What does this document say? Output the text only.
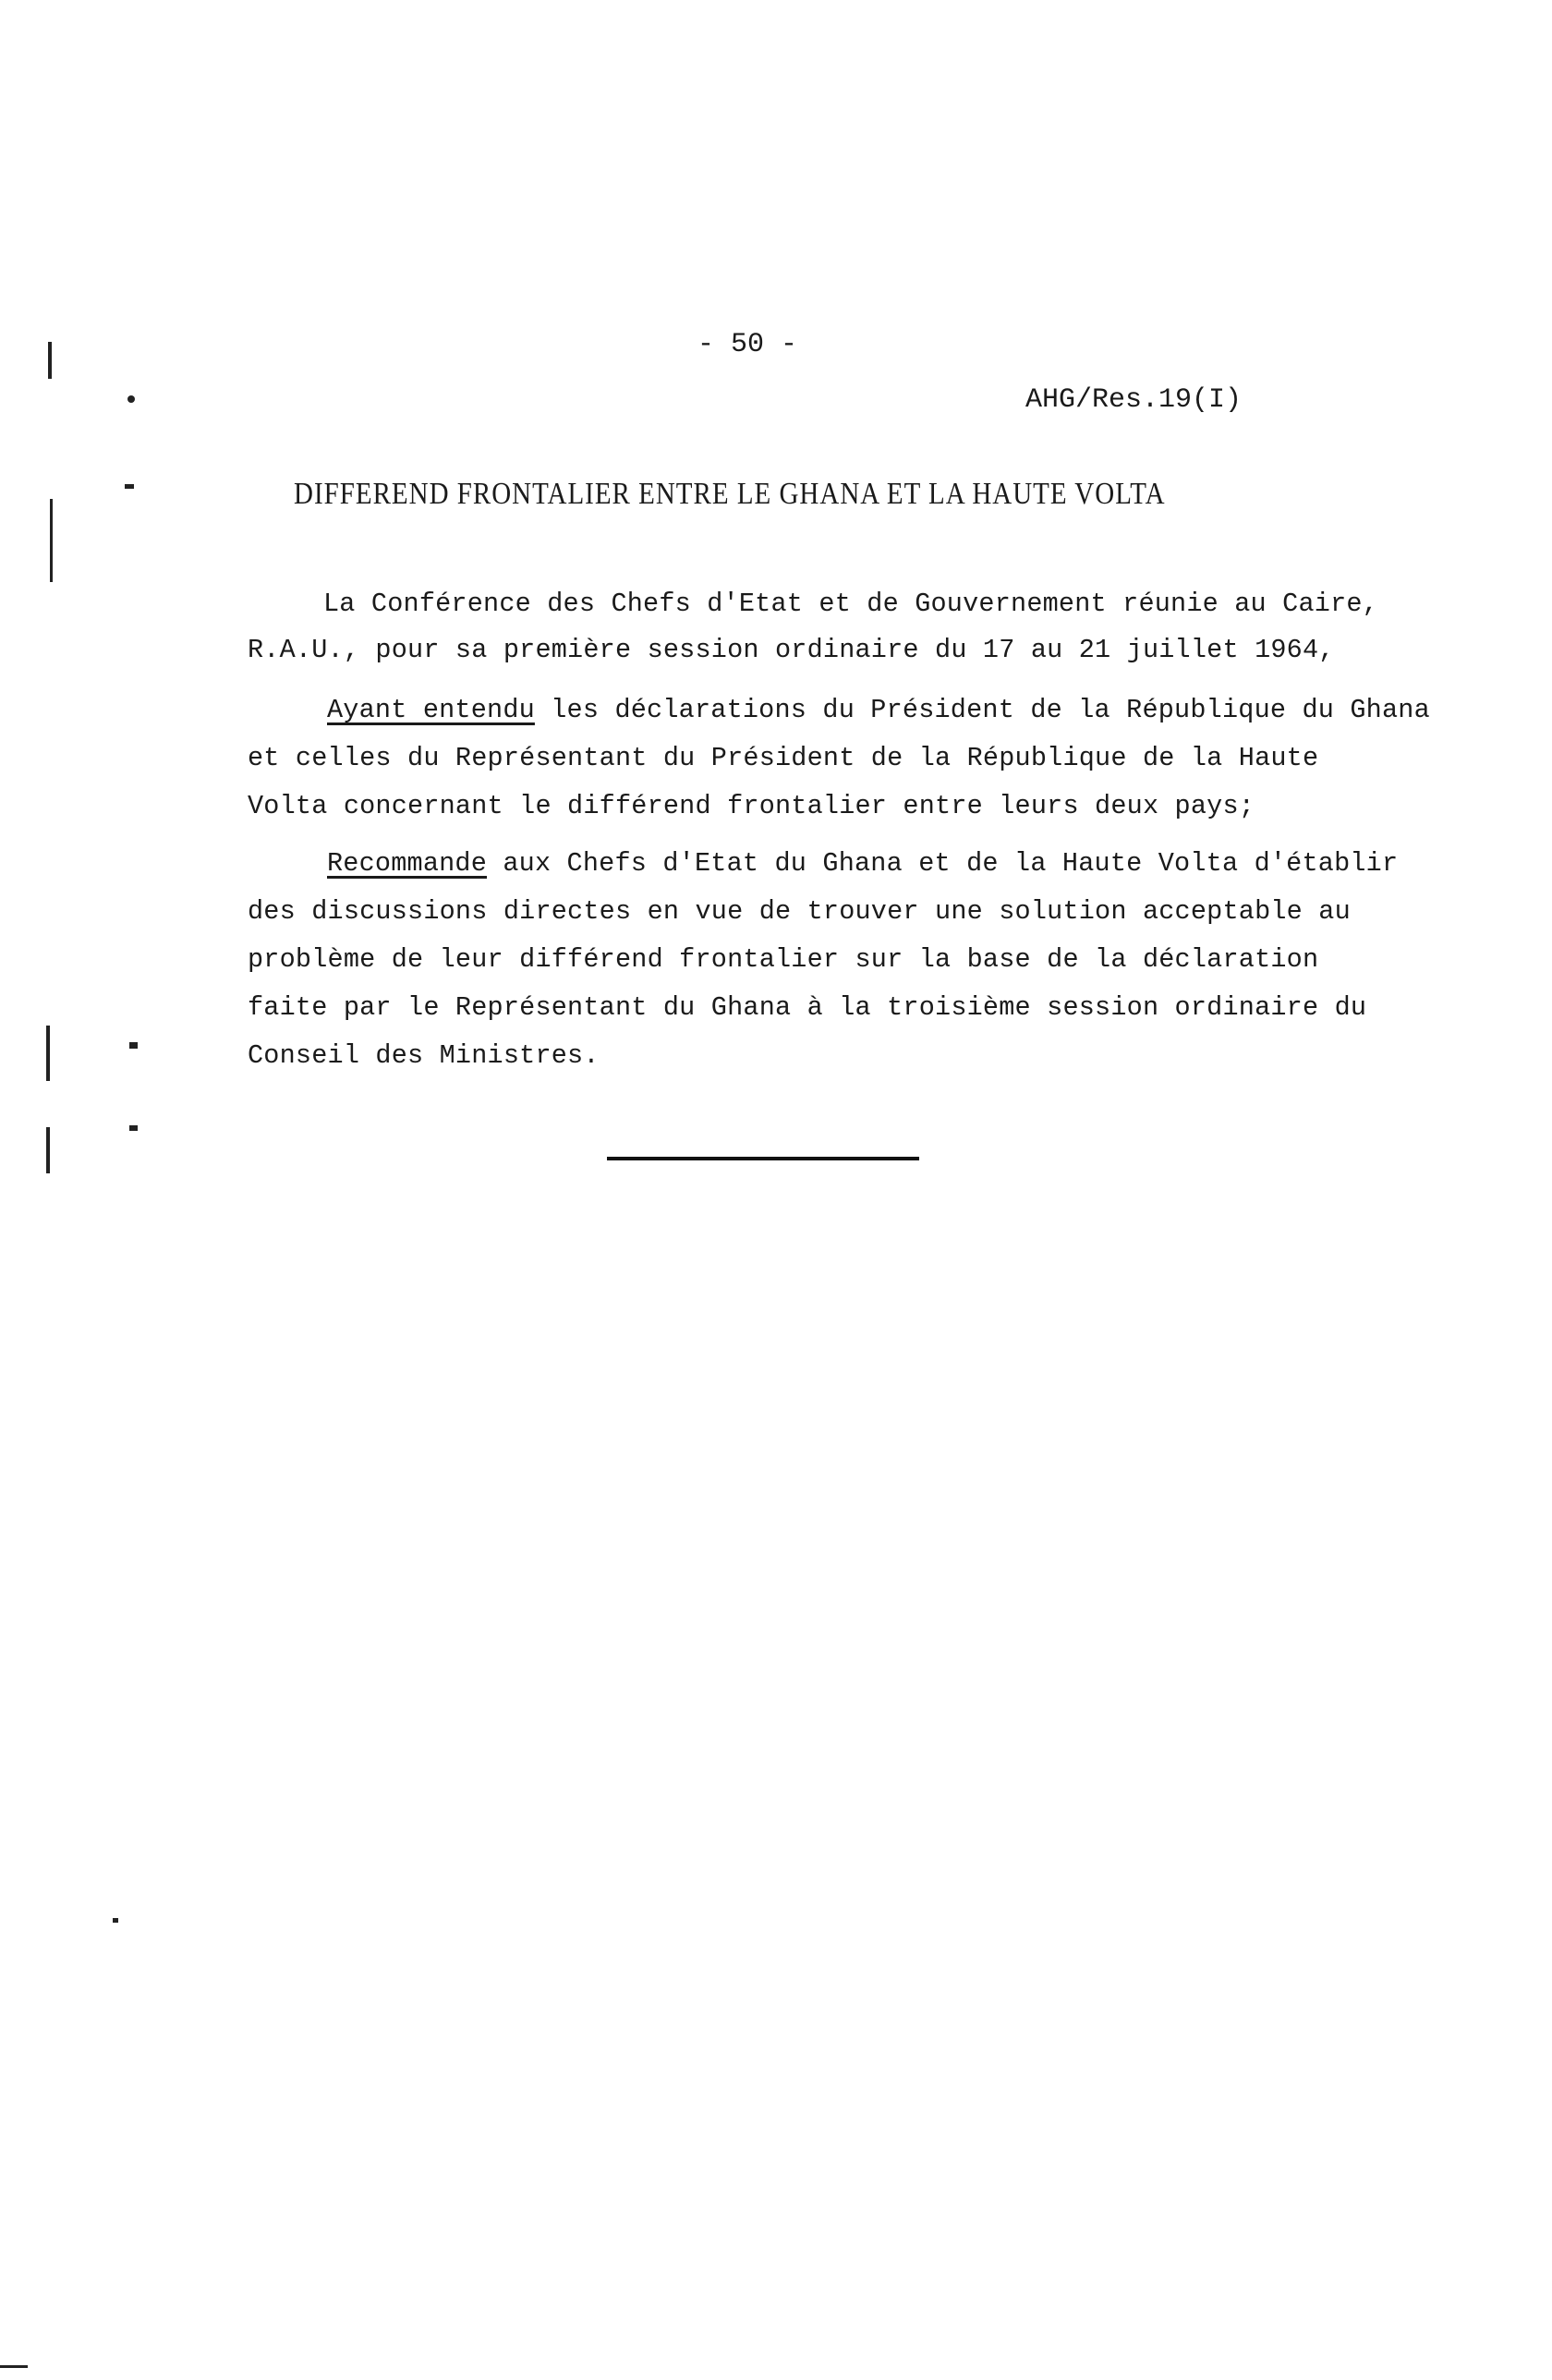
- 50 -
AHG/Res.19(I)
DIFFEREND FRONTALIER ENTRE LE GHANA ET LA HAUTE VOLTA
La Conférence des Chefs d'Etat et de Gouvernement réunie au Caire,
R.A.U., pour sa première session ordinaire du 17 au 21 juillet 1964,
Ayant entendu les déclarations du Président de la République du Ghana
et celles du Représentant du Président de la République de la Haute
Volta concernant le différend frontalier entre leurs deux pays;
Recommande aux Chefs d'Etat du Ghana et de la Haute Volta d'établir
des discussions directes en vue de trouver une solution acceptable au
problème de leur différend frontalier sur la base de la déclaration
faite par le Représentant du Ghana à la troisième session ordinaire du
Conseil des Ministres.
